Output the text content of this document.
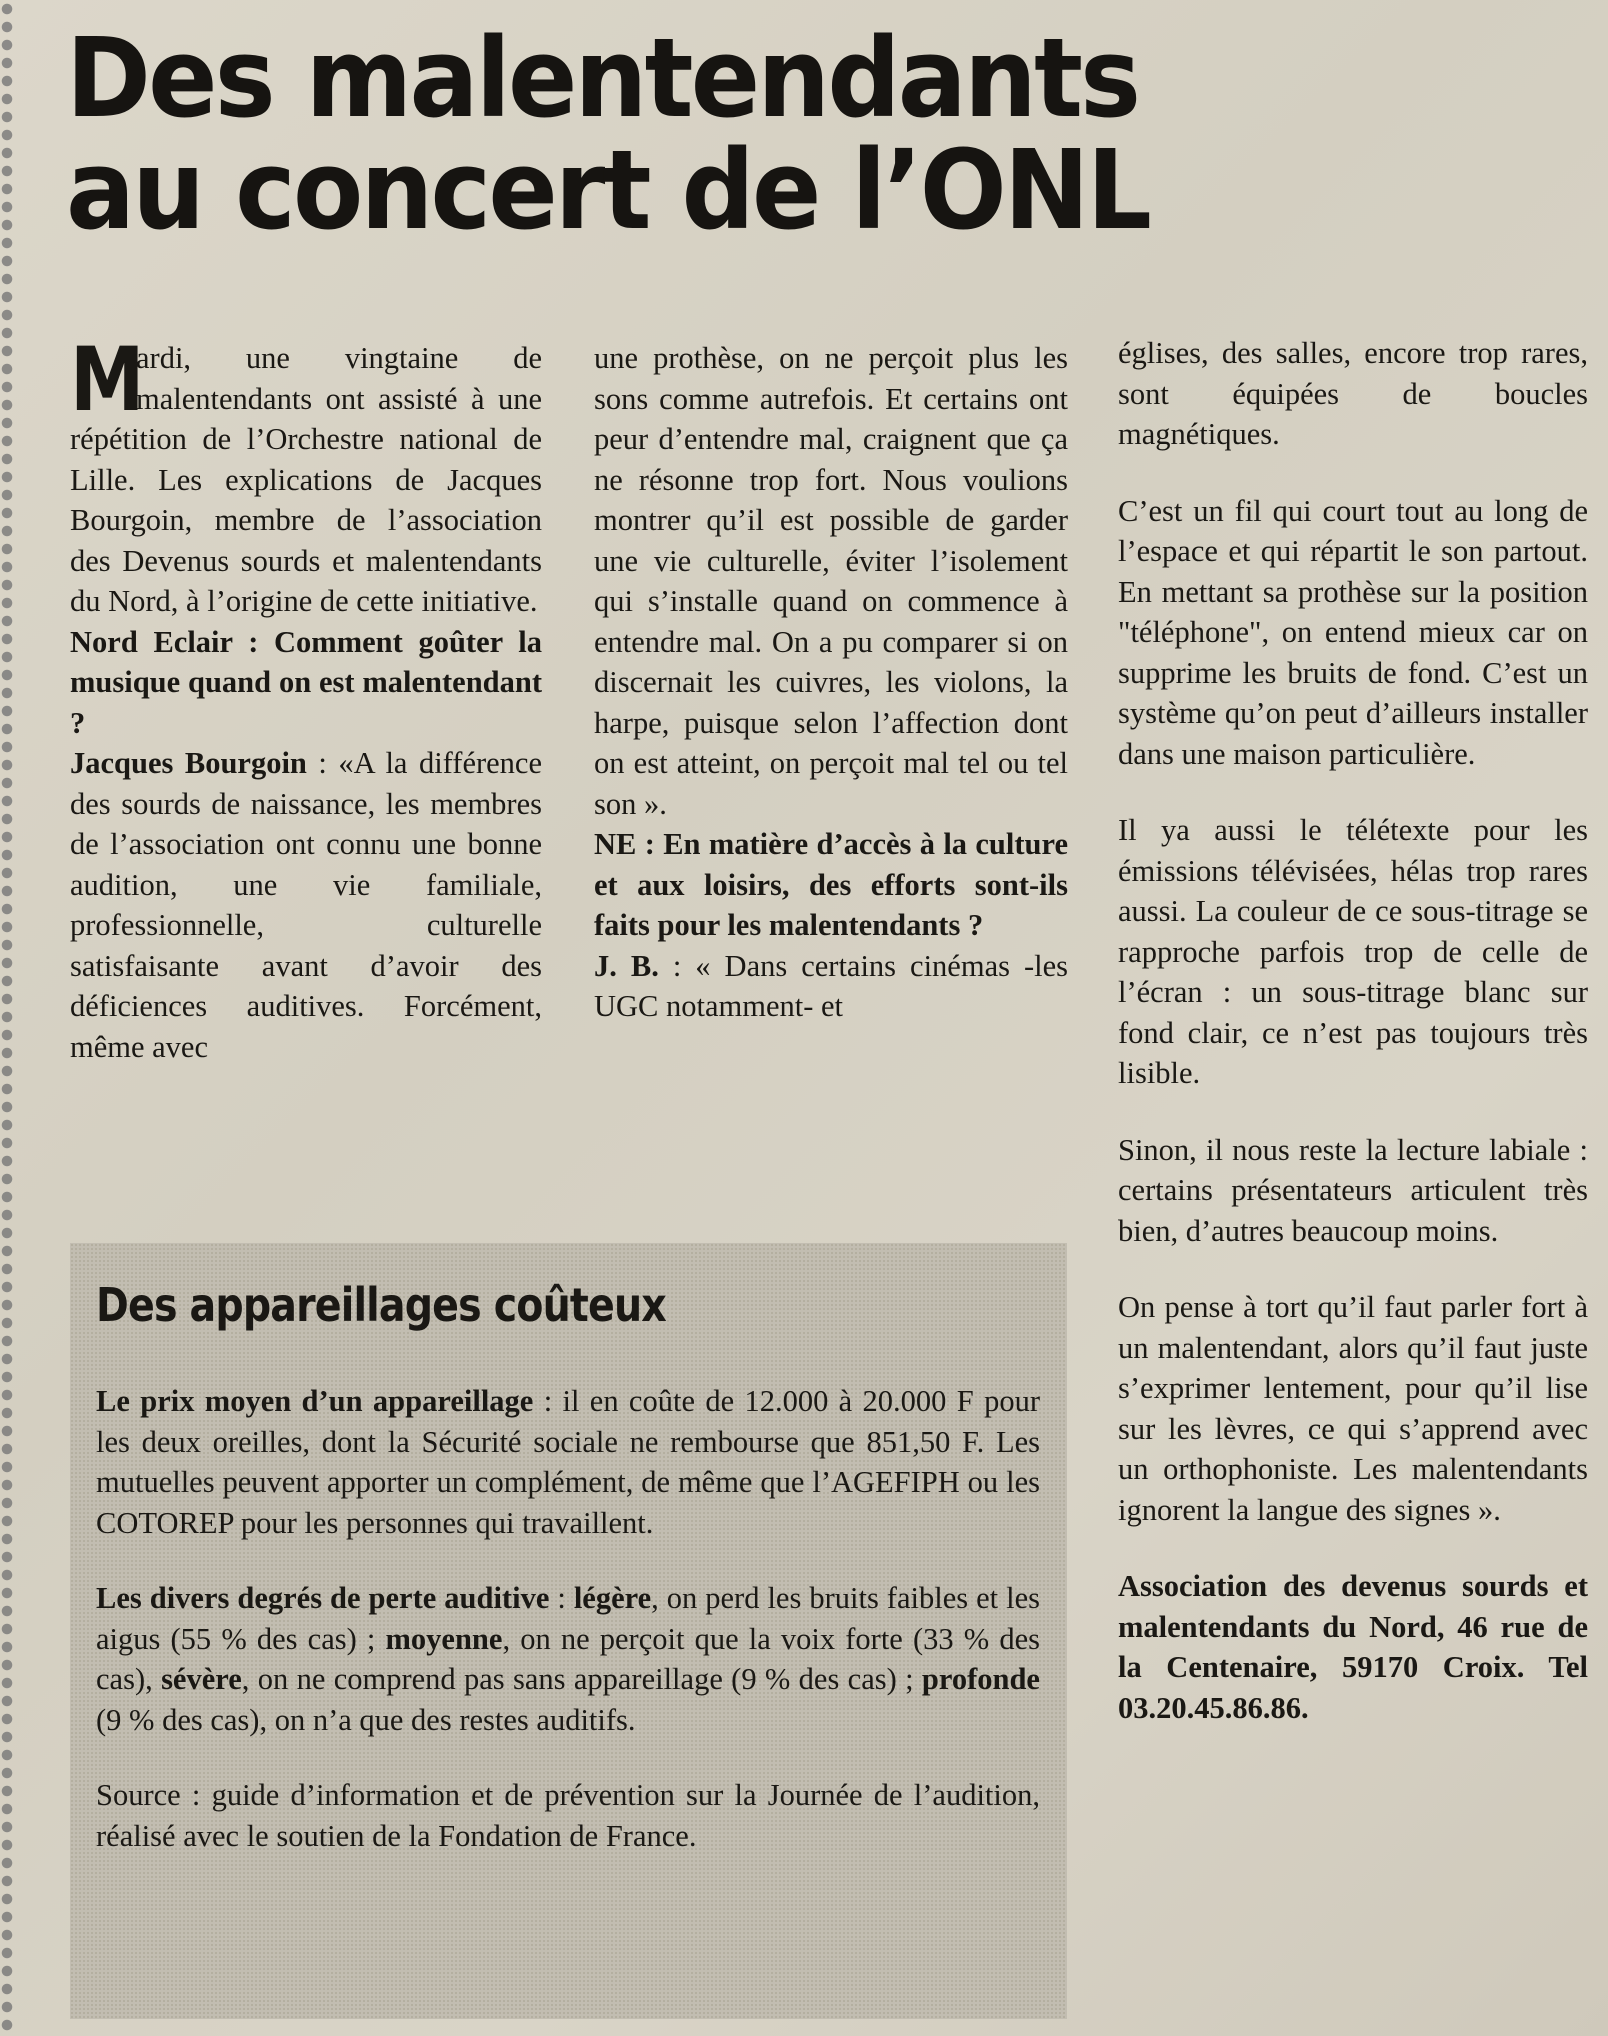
Des malentendants
au concert de l’ONL

M
ardi, une vingtaine de malentendants ont assisté à une répétition de l’Orchestre national de Lille. Les explications de Jacques Bourgoin, membre de l’association des Devenus sourds et malentendants du Nord, à l’origine de cette initiative.

Nord Eclair : Comment goûter la musique quand on est malentendant ?

Jacques Bourgoin : «A la différence des sourds de naissance, les membres de l’association ont connu une bonne audition, une vie familiale, professionnelle, culturelle satisfaisante avant d’avoir des déficiences auditives. Forcément, même avec

une prothèse, on ne perçoit plus les sons comme autrefois. Et certains ont peur d’entendre mal, craignent que ça ne résonne trop fort. Nous voulions montrer qu’il est possible de garder une vie culturelle, éviter l’isolement qui s’installe quand on commence à entendre mal. On a pu comparer si on discernait les cuivres, les violons, la harpe, puisque selon l’affection dont on est atteint, on perçoit mal tel ou tel son ».

NE : En matière d’accès à la culture et aux loisirs, des efforts sont-ils faits pour les malentendants ?

J. B. : « Dans certains cinémas -les UGC notamment- et

églises, des salles, encore trop rares, sont équipées de boucles magnétiques.

C’est un fil qui court tout au long de l’espace et qui répartit le son partout. En mettant sa prothèse sur la position "téléphone", on entend mieux car on supprime les bruits de fond. C’est un système qu’on peut d’ailleurs installer dans une maison particulière.

Il ya aussi le télétexte pour les émissions télévisées, hélas trop rares aussi. La couleur de ce sous-titrage se rapproche parfois trop de celle de l’écran : un sous-titrage blanc sur fond clair, ce n’est pas toujours très lisible.

Sinon, il nous reste la lecture labiale : certains présentateurs articulent très bien, d’autres beaucoup moins.

On pense à tort qu’il faut parler fort à un malentendant, alors qu’il faut juste s’exprimer lentement, pour qu’il lise sur les lèvres, ce qui s’apprend avec un orthophoniste. Les malentendants ignorent la langue des signes ».

Association des devenus sourds et malentendants du Nord, 46 rue de la Centenaire, 59170 Croix. Tel 03.20.45.86.86.

Des appareillages coûteux

Le prix moyen d’un appareillage : il en coûte de 12.000 à 20.000 F pour les deux oreilles, dont la Sécurité sociale ne rembourse que 851,50 F. Les mutuelles peuvent apporter un complément, de même que l’AGEFIPH ou les COTOREP pour les personnes qui travaillent.

Les divers degrés de perte auditive : légère, on perd les bruits faibles et les aigus (55 % des cas) ; moyenne, on ne perçoit que la voix forte (33 % des cas), sévère, on ne comprend pas sans appareillage (9 % des cas) ; profonde (9 % des cas), on n’a que des restes auditifs.

Source : guide d’information et de prévention sur la Journée de l’audition, réalisé avec le soutien de la Fondation de France.
